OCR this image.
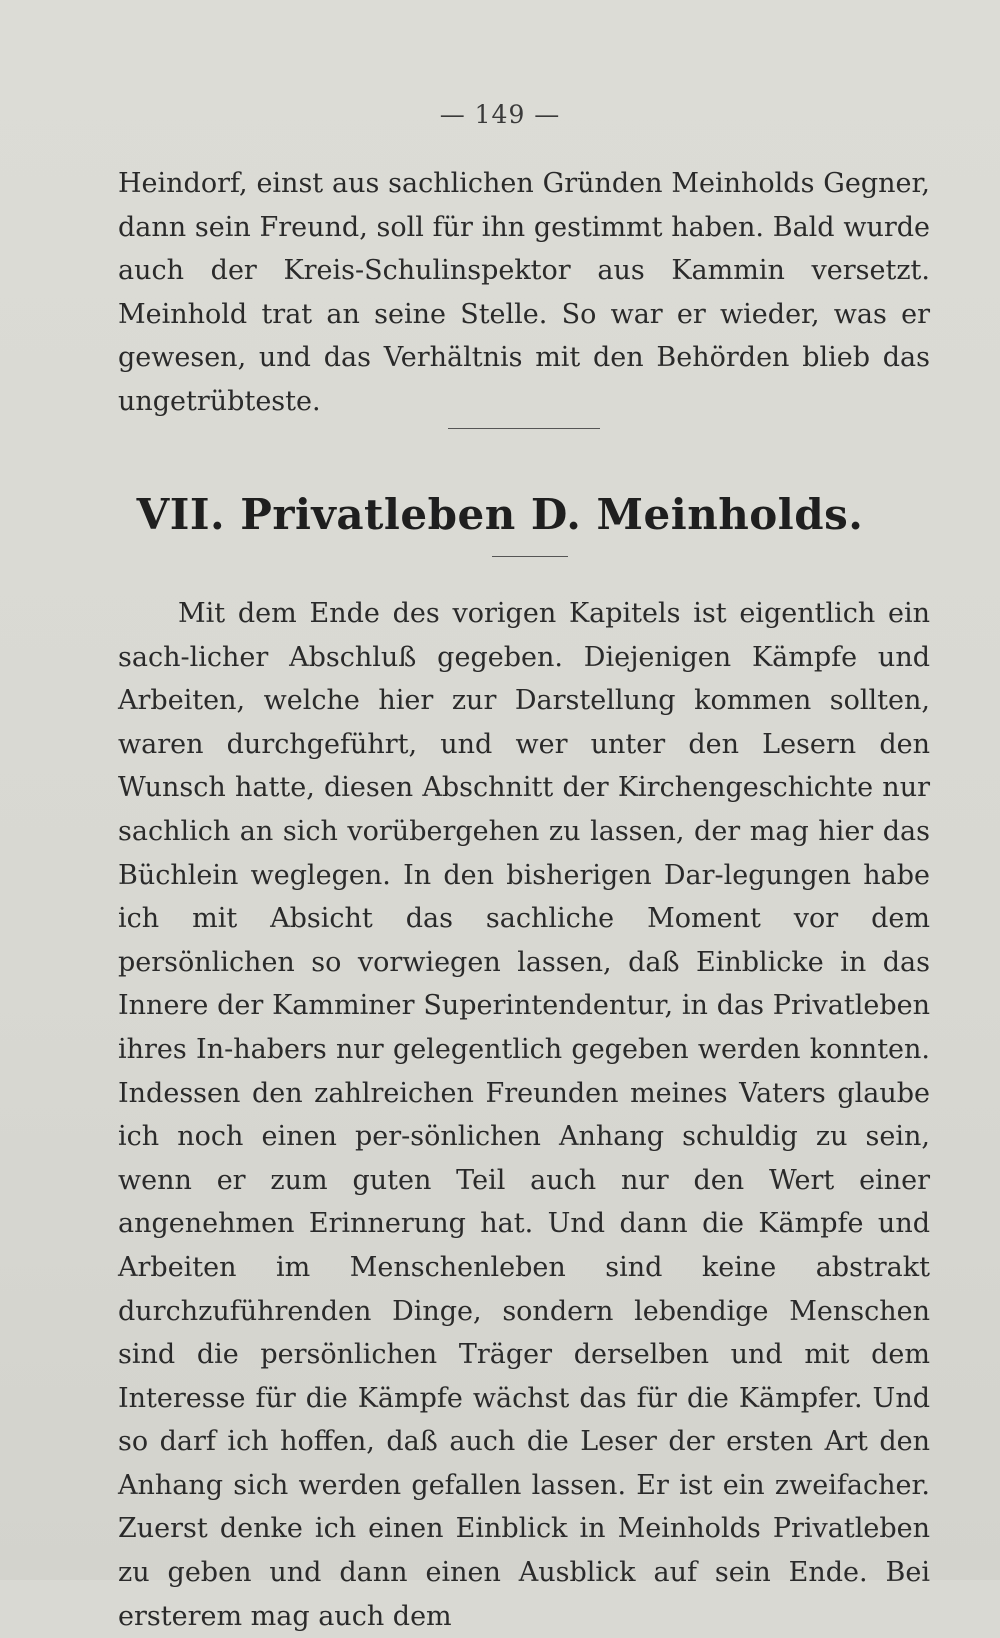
— 149 —
Heindorf, einst aus sachlichen Gründen Meinholds Gegner, dann sein Freund, soll für ihn gestimmt haben. Bald wurde auch der Kreis-Schulinspektor aus Kammin versetzt. Meinhold trat an seine Stelle. So war er wieder, was er gewesen, und das Verhältnis mit den Behörden blieb das ungetrübteste.
VII. Privatleben D. Meinholds.
Mit dem Ende des vorigen Kapitels ist eigentlich ein sach-licher Abschluß gegeben. Diejenigen Kämpfe und Arbeiten, welche hier zur Darstellung kommen sollten, waren durchgeführt, und wer unter den Lesern den Wunsch hatte, diesen Abschnitt der Kirchengeschichte nur sachlich an sich vorübergehen zu lassen, der mag hier das Büchlein weglegen. In den bisherigen Dar-legungen habe ich mit Absicht das sachliche Moment vor dem persönlichen so vorwiegen lassen, daß Einblicke in das Innere der Kamminer Superintendentur, in das Privatleben ihres In-habers nur gelegentlich gegeben werden konnten. Indessen den zahlreichen Freunden meines Vaters glaube ich noch einen per-sönlichen Anhang schuldig zu sein, wenn er zum guten Teil auch nur den Wert einer angenehmen Erinnerung hat. Und dann die Kämpfe und Arbeiten im Menschenleben sind keine abstrakt durchzuführenden Dinge, sondern lebendige Menschen sind die persönlichen Träger derselben und mit dem Interesse für die Kämpfe wächst das für die Kämpfer. Und so darf ich hoffen, daß auch die Leser der ersten Art den Anhang sich werden gefallen lassen. Er ist ein zweifacher. Zuerst denke ich einen Einblick in Meinholds Privatleben zu geben und dann einen Ausblick auf sein Ende. Bei ersterem mag auch dem
